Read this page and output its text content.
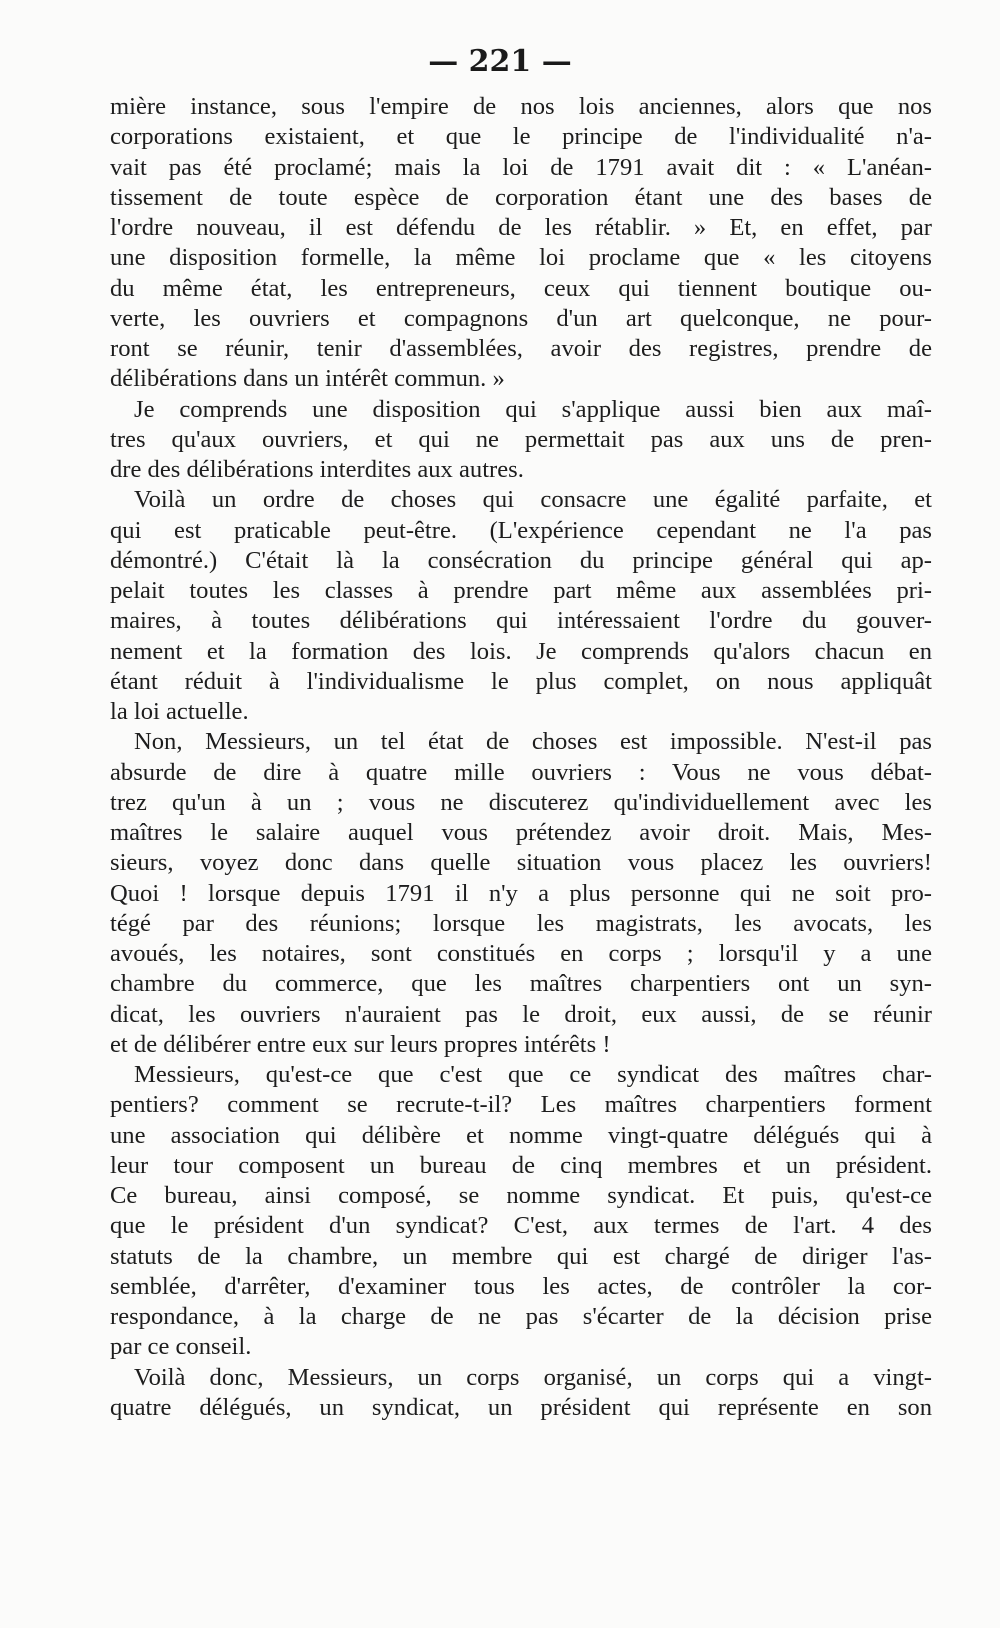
— 221 —

mière instance, sous l'empire de nos lois anciennes, alors que nos

corporations existaient, et que le principe de l'individualité n'a-

vait pas été proclamé; mais la loi de 1791 avait dit : « L'anéan-

tissement de toute espèce de corporation étant une des bases de

l'ordre nouveau, il est défendu de les rétablir. » Et, en effet, par

une disposition formelle, la même loi proclame que « les citoyens

du même état, les entrepreneurs, ceux qui tiennent boutique ou-

verte, les ouvriers et compagnons d'un art quelconque, ne pour-

ront se réunir, tenir d'assemblées, avoir des registres, prendre de

délibérations dans un intérêt commun. »

Je comprends une disposition qui s'applique aussi bien aux maî-

tres qu'aux ouvriers, et qui ne permettait pas aux uns de pren-

dre des délibérations interdites aux autres.

Voilà un ordre de choses qui consacre une égalité parfaite, et

qui est praticable peut-être. (L'expérience cependant ne l'a pas

démontré.) C'était là la consécration du principe général qui ap-

pelait toutes les classes à prendre part même aux assemblées pri-

maires, à toutes délibérations qui intéressaient l'ordre du gouver-

nement et la formation des lois. Je comprends qu'alors chacun en

étant réduit à l'individualisme le plus complet, on nous appliquât

la loi actuelle.

Non, Messieurs, un tel état de choses est impossible. N'est-il pas

absurde de dire à quatre mille ouvriers : Vous ne vous débat-

trez qu'un à un ; vous ne discuterez qu'individuellement avec les

maîtres le salaire auquel vous prétendez avoir droit. Mais, Mes-

sieurs, voyez donc dans quelle situation vous placez les ouvriers!

Quoi ! lorsque depuis 1791 il n'y a plus personne qui ne soit pro-

tégé par des réunions; lorsque les magistrats, les avocats, les

avoués, les notaires, sont constitués en corps ; lorsqu'il y a une

chambre du commerce, que les maîtres charpentiers ont un syn-

dicat, les ouvriers n'auraient pas le droit, eux aussi, de se réunir

et de délibérer entre eux sur leurs propres intérêts !

Messieurs, qu'est-ce que c'est que ce syndicat des maîtres char-

pentiers? comment se recrute-t-il? Les maîtres charpentiers forment

une association qui délibère et nomme vingt-quatre délégués qui à

leur tour composent un bureau de cinq membres et un président.

Ce bureau, ainsi composé, se nomme syndicat. Et puis, qu'est-ce

que le président d'un syndicat? C'est, aux termes de l'art. 4 des

statuts de la chambre, un membre qui est chargé de diriger l'as-

semblée, d'arrêter, d'examiner tous les actes, de contrôler la cor-

respondance, à la charge de ne pas s'écarter de la décision prise

par ce conseil.

Voilà donc, Messieurs, un corps organisé, un corps qui a vingt-

quatre délégués, un syndicat, un président qui représente en son
